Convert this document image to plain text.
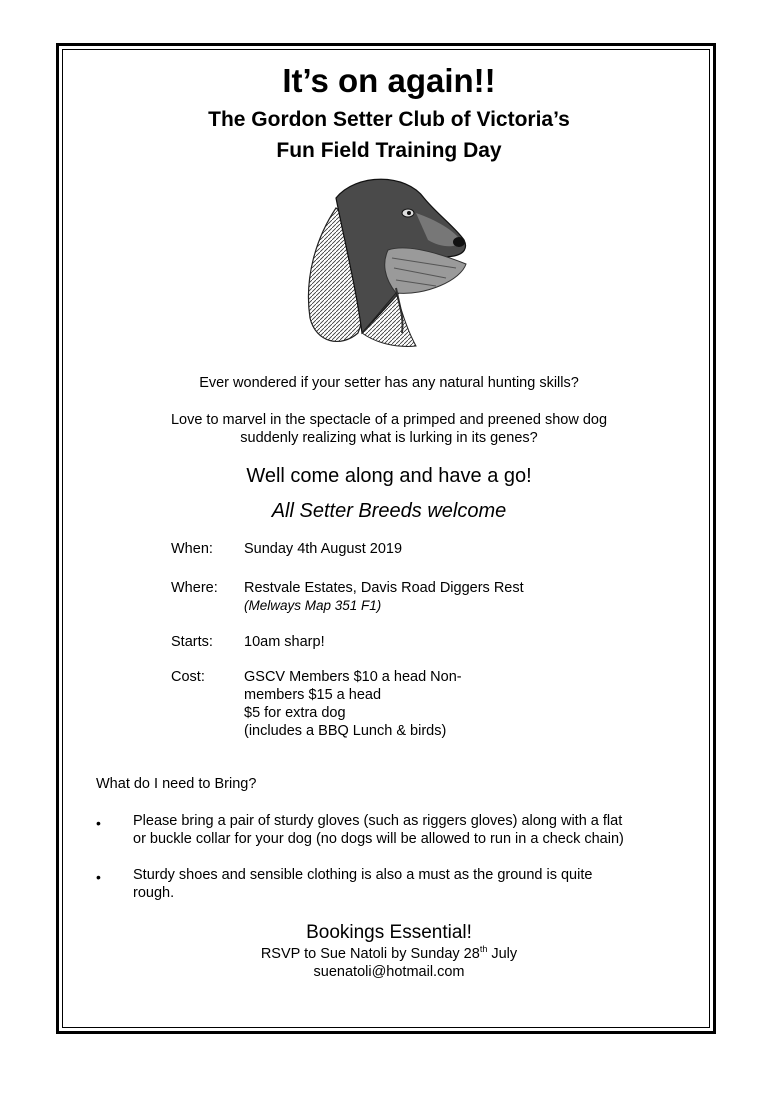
It’s on again!!
The Gordon Setter Club of Victoria’s
Fun Field Training Day
Ever wondered if your setter has any natural hunting skills?
Love to marvel in the spectacle of a primped and preened show dog
suddenly realizing what is lurking in its genes?
Well come along and have a go!
All Setter Breeds welcome
When: Sunday 4th August 2019
Where: Restvale Estates, Davis Road Diggers Rest
(Melways Map 351 F1)
Starts: 10am sharp!
Cost:	GSCV Members $10 a head Non-
members $15 a head
$5 for extra dog
(includes a BBQ Lunch & birds)
What do I need to Bring?
• Please bring a pair of sturdy gloves (such as riggers gloves) along with a flat
or buckle collar for your dog (no dogs will be allowed to run in a check chain)
• Sturdy shoes and sensible clothing is also a must as the ground is quite
rough.
Bookings Essential!
RSVP to Sue Natoli by Sunday 28th July
suenatoli@hotmail.com
